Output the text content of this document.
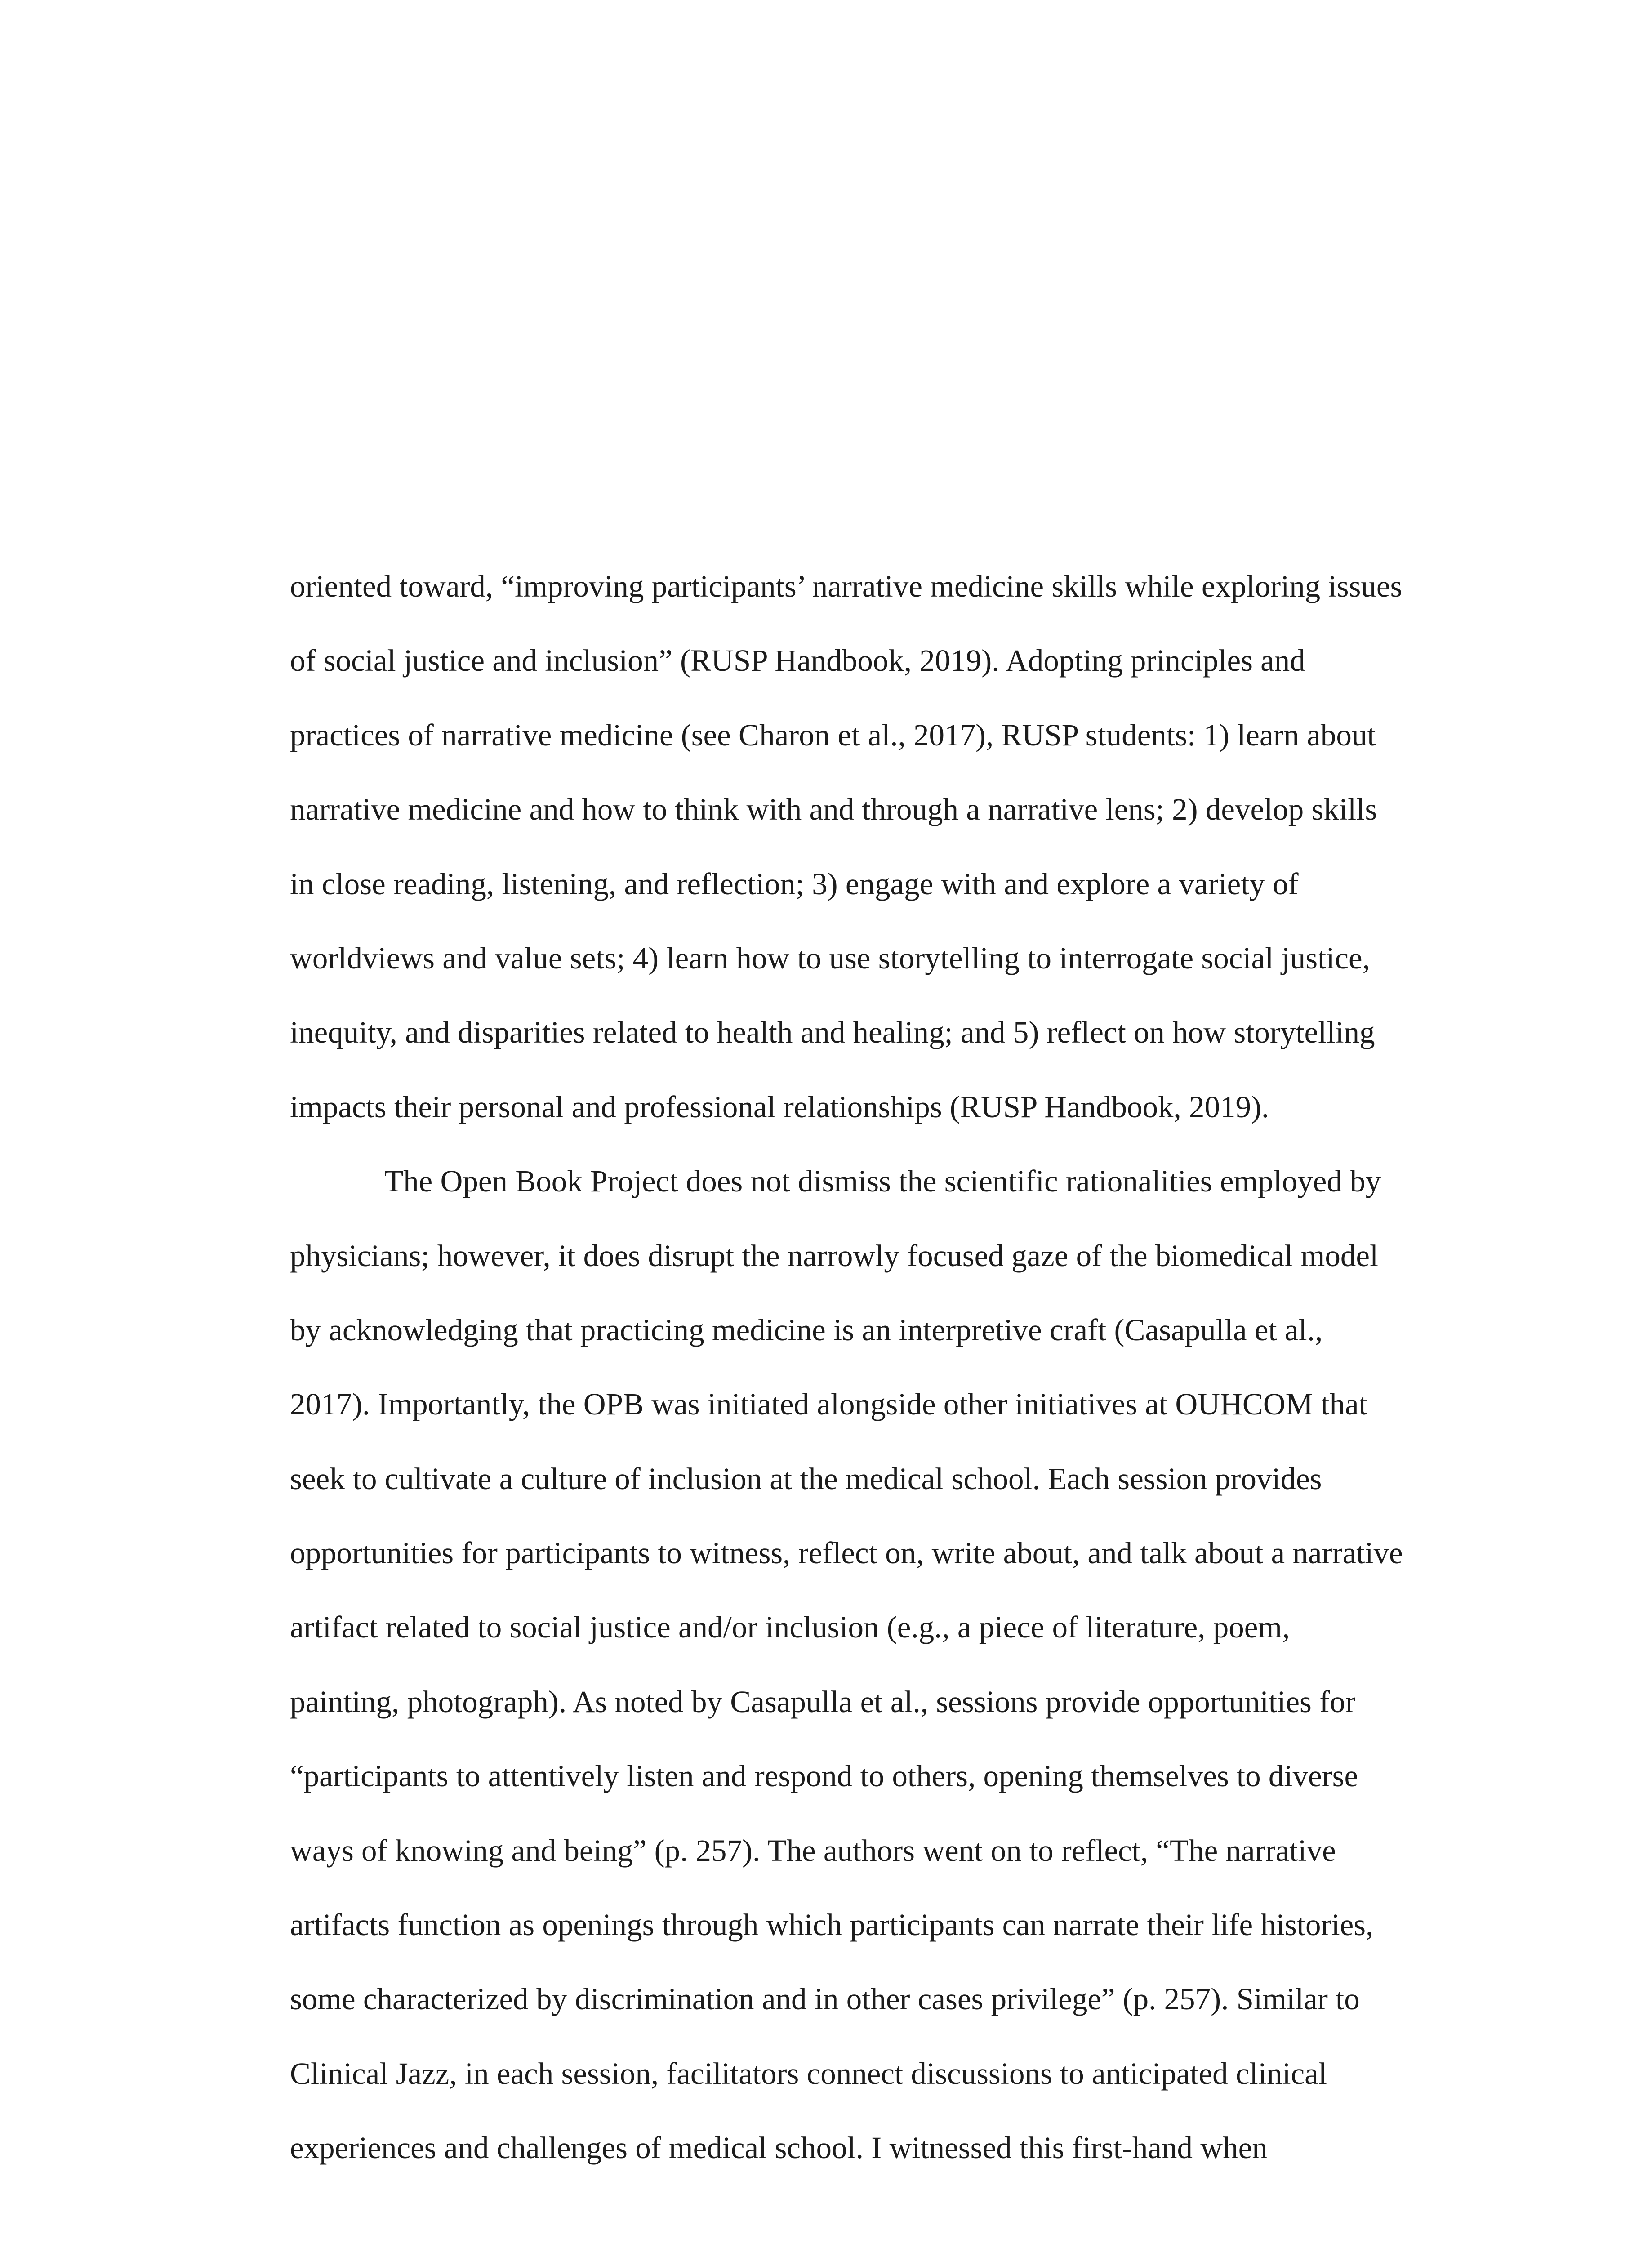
oriented toward, “improving participants’ narrative medicine skills while exploring issues
of social justice and inclusion” (RUSP Handbook, 2019). Adopting principles and
practices of narrative medicine (see Charon et al., 2017), RUSP students: 1) learn about
narrative medicine and how to think with and through a narrative lens; 2) develop skills
in close reading, listening, and reflection; 3) engage with and explore a variety of
worldviews and value sets; 4) learn how to use storytelling to interrogate social justice,
inequity, and disparities related to health and healing; and 5) reflect on how storytelling
impacts their personal and professional relationships (RUSP Handbook, 2019).
The Open Book Project does not dismiss the scientific rationalities employed by
physicians; however, it does disrupt the narrowly focused gaze of the biomedical model
by acknowledging that practicing medicine is an interpretive craft (Casapulla et al.,
2017). Importantly, the OPB was initiated alongside other initiatives at OUHCOM that
seek to cultivate a culture of inclusion at the medical school. Each session provides
opportunities for participants to witness, reflect on, write about, and talk about a narrative
artifact related to social justice and/or inclusion (e.g., a piece of literature, poem,
painting, photograph). As noted by Casapulla et al., sessions provide opportunities for
“participants to attentively listen and respond to others, opening themselves to diverse
ways of knowing and being” (p. 257). The authors went on to reflect, “The narrative
artifacts function as openings through which participants can narrate their life histories,
some characterized by discrimination and in other cases privilege” (p. 257). Similar to
Clinical Jazz, in each session, facilitators connect discussions to anticipated clinical
experiences and challenges of medical school. I witnessed this first-hand when
